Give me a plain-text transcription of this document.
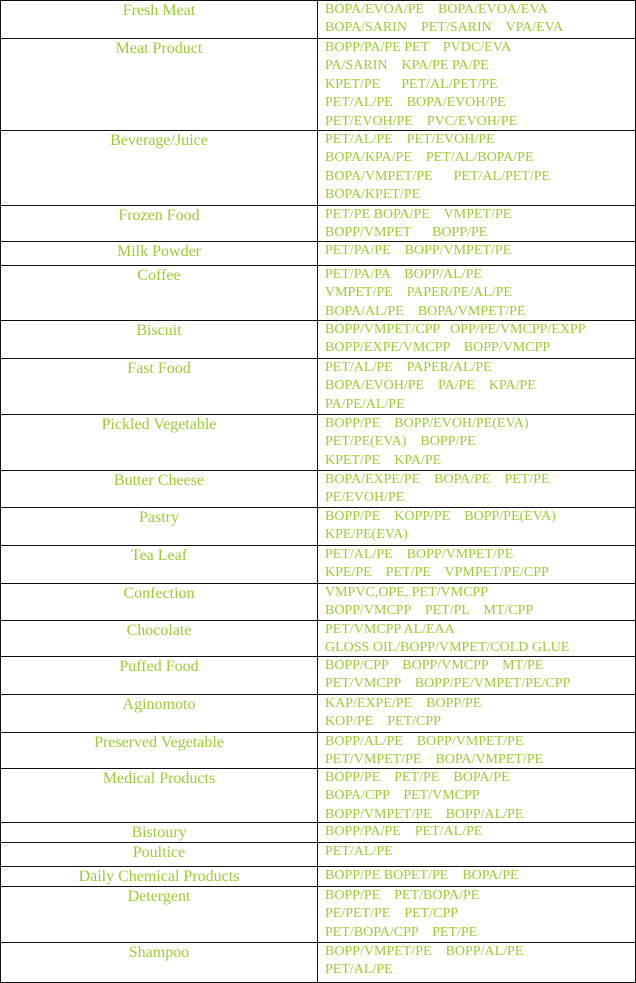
Fresh Meat	BOPA/EVOA/PE    BOPA/EVOA/EVA
BOPA/SARIN    PET/SARIN    VPA/EVA
Meat Product	BOPP/PA/PE PET    PVDC/EVA
PA/SARIN    KPA/PE PA/PE
KPET/PE      PET/AL/PET/PE
PET/AL/PE    BOPA/EVOH/PE
PET/EVOH/PE    PVC/EVOH/PE
Beverage/Juice	PET/AL/PE    PET/EVOH/PE
BOPA/KPA/PE    PET/AL/BOPA/PE
BOPA/VMPET/PE      PET/AL/PET/PE
BOPA/KPET/PE
Frozen Food	PET/PE BOPA/PE    VMPET/PE
BOPP/VMPET      BOPP/PE
Milk Powder	PET/PA/PE    BOPP/VMPET/PE
Coffee	PET/PA/PA    BOPP/AL/PE
VMPET/PE    PAPER/PE/AL/PE
BOPA/AL/PE    BOPA/VMPET/PE
Biscuit	BOPP/VMPET/CPP   OPP/PE/VMCPP/EXPP
BOPP/EXPE/VMCPP    BOPP/VMCPP
Fast Food	PET/AL/PE    PAPER/AL/PE
BOPA/EVOH/PE    PA/PE    KPA/PE
PA/PE/AL/PE
Pickled Vegetable	BOPP/PE    BOPP/EVOH/PE(EVA)
PET/PE(EVA)    BOPP/PE
KPET/PE    KPA/PE
Butter Cheese	BOPA/EXPE/PE    BOPA/PE    PET/PE
PE/EVOH/PE
Pastry	BOPP/PE    KOPP/PE    BOPP/PE(EVA)
KPE/PE(EVA)
Tea Leaf	PET/AL/PE    BOPP/VMPET/PE
KPE/PE    PET/PE    VPMPET/PE/CPP
Confection	VMPVC,OPE, PET/VMCPP
BOPP/VMCPP    PET/PL    MT/CPP
Chocolate	PET/VMCPP AL/EAA
GLOSS OIL/BOPP/VMPET/COLD GLUE
Puffed Food	BOPP/CPP    BOPP/VMCPP    MT/PE
PET/VMCPP    BOPP/PE/VMPET/PE/CPP
Aginomoto	KAP/EXPE/PE    BOPP/PE
KOP/PE    PET/CPP
Preserved Vegetable	BOPP/AL/PE    BOPP/VMPET/PE
PET/VMPET/PE    BOPA/VMPET/PE
Medical Products	BOPP/PE    PET/PE    BOPA/PE
BOPA/CPP    PET/VMCPP
BOPP/VMPET/PE    BOPP/AL/PE
Bistoury	BOPP/PA/PE    PET/AL/PE
Poultice	PET/AL/PE
Daily Chemical Products	BOPP/PE BOPET/PE    BOPA/PE
Detergent	BOPP/PE    PET/BOPA/PE
PE/PET/PE    PET/CPP
PET/BOPA/CPP    PET/PE
Shampoo	BOPP/VMPET/PE    BOPP/AL/PE
PET/AL/PE
